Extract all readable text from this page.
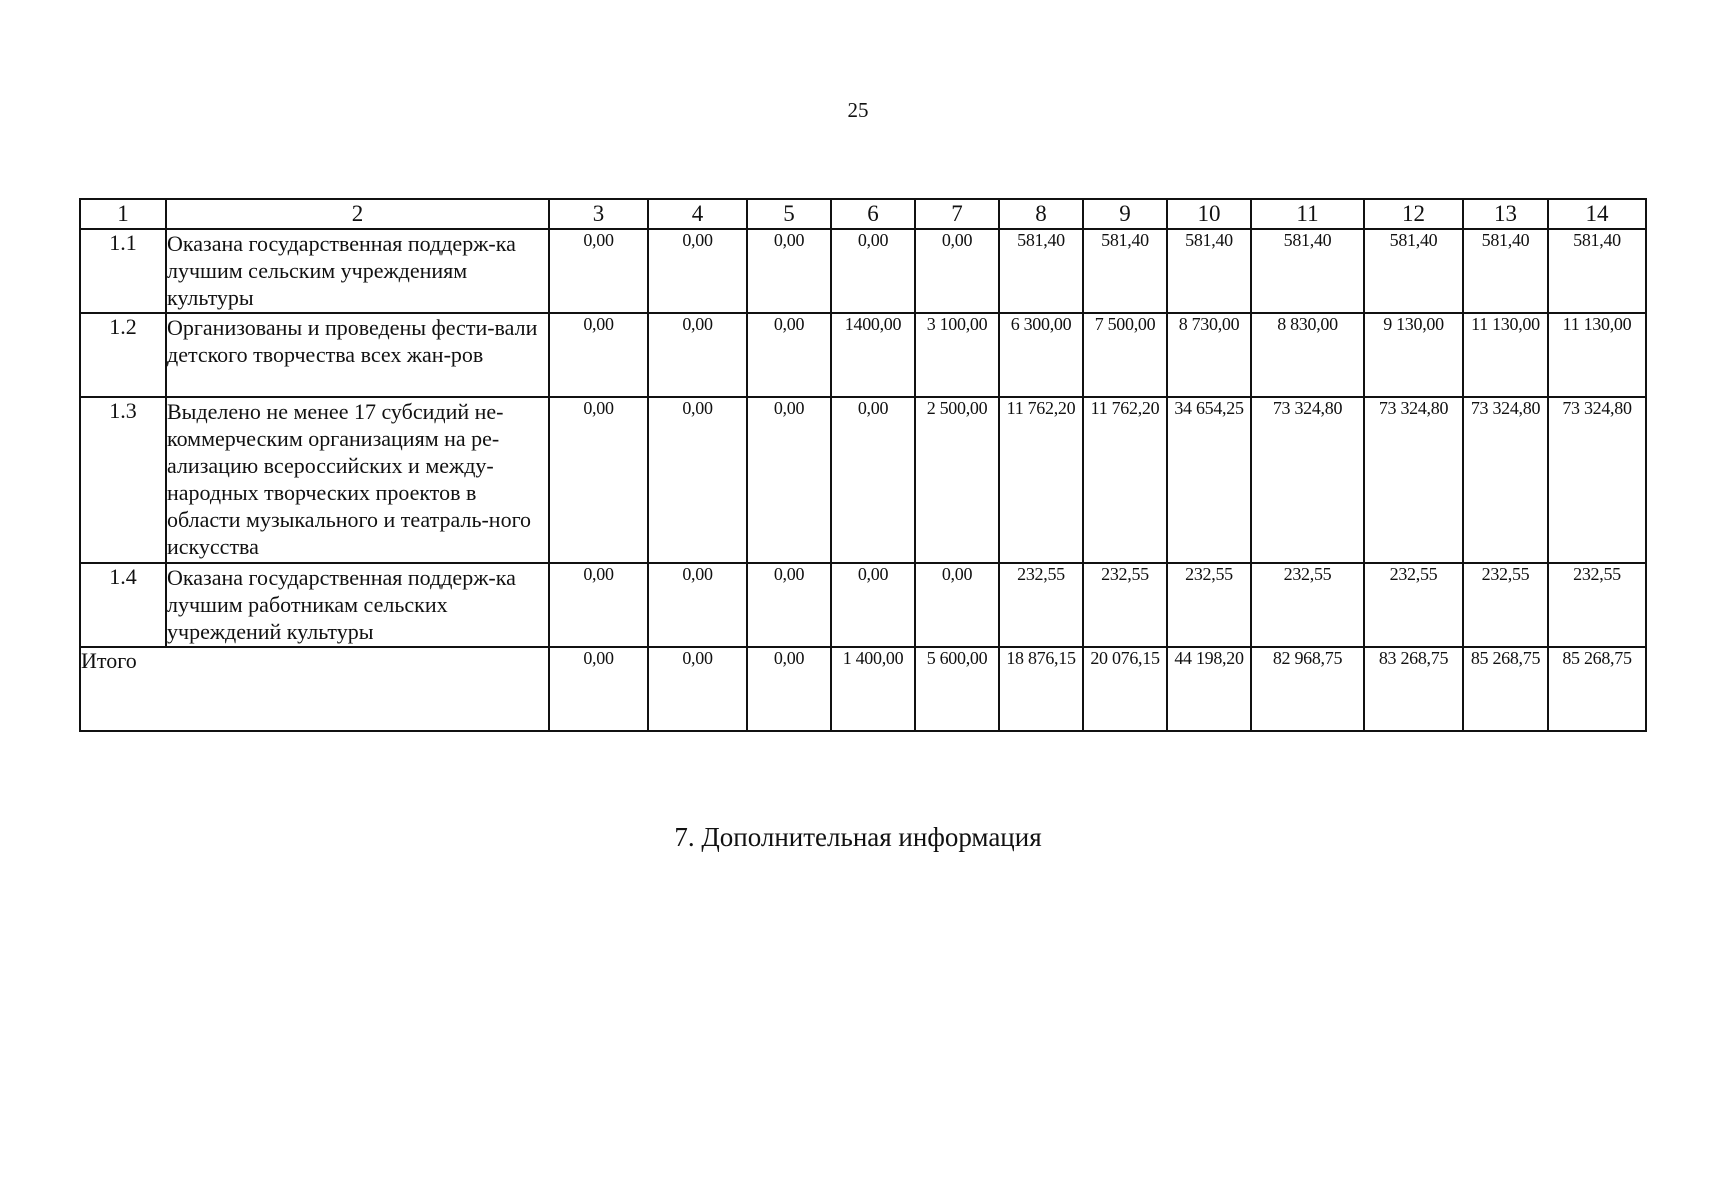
25
1	2	3	4	5	6	7	8	9	10	11	12	13	14
1.1	Оказана государственная поддерж-ка лучшим сельским учреждениям культуры	0,00	0,00	0,00	0,00	0,00	581,40	581,40	581,40	581,40	581,40	581,40	581,40
1.2	Организованы и проведены фести-вали детского творчества всех жан-ров	0,00	0,00	0,00	1400,00	3 100,00	6 300,00	7 500,00	8 730,00	8 830,00	9 130,00	11 130,00	11 130,00
1.3	Выделено не менее 17 субсидий не-коммерческим организациям на ре-ализацию всероссийских и между-народных творческих проектов в области музыкального и театраль-ного искусства	0,00	0,00	0,00	0,00	2 500,00	11 762,20	11 762,20	34 654,25	73 324,80	73 324,80	73 324,80	73 324,80
1.4	Оказана государственная поддерж-ка лучшим работникам сельских учреждений культуры	0,00	0,00	0,00	0,00	0,00	232,55	232,55	232,55	232,55	232,55	232,55	232,55
Итого		0,00	0,00	0,00	1 400,00	5 600,00	18 876,15	20 076,15	44 198,20	82 968,75	83 268,75	85 268,75	85 268,75
7. Дополнительная информация
